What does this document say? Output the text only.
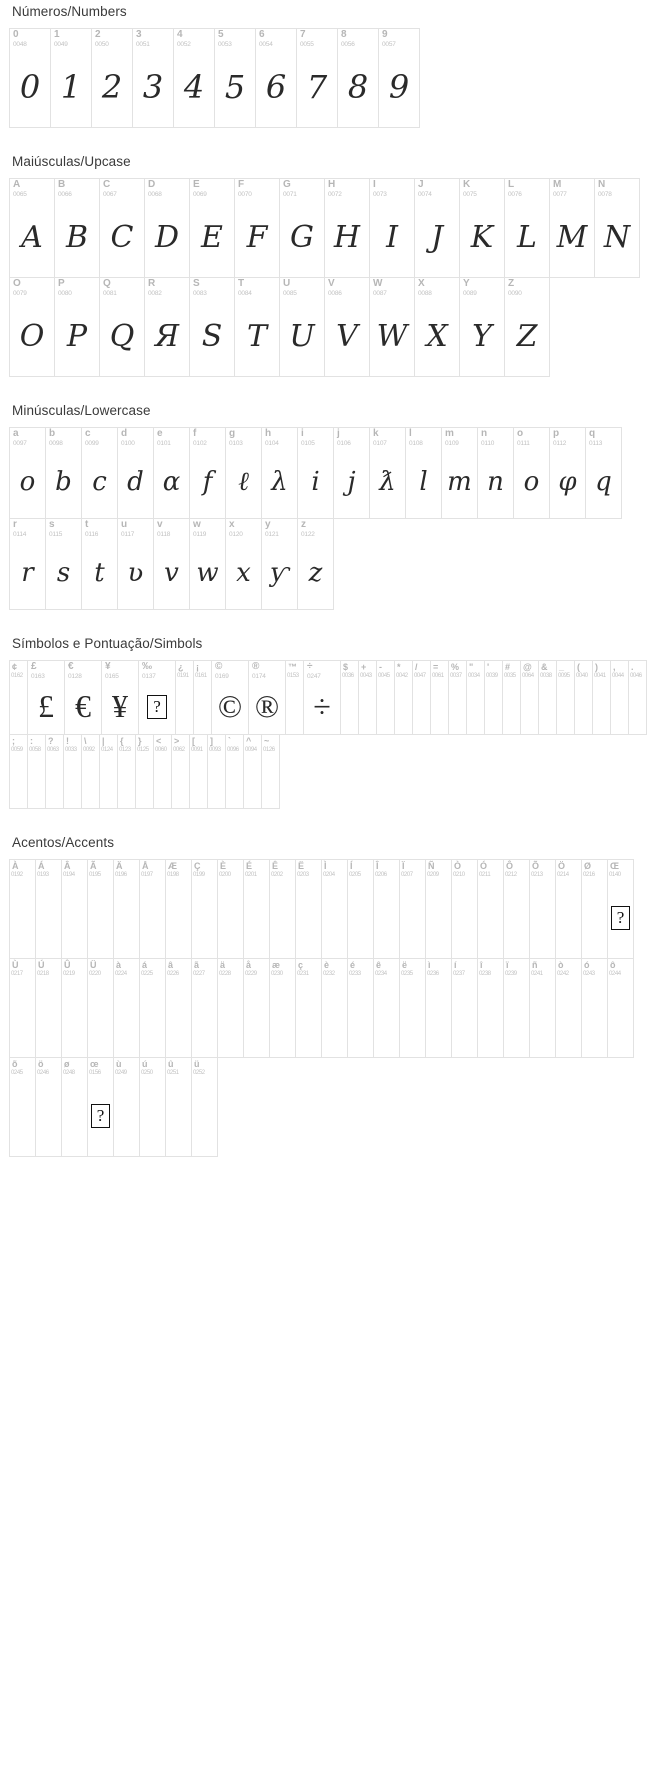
Números/Numbers
0
0048
0
1
0049
1
2
0050
2
3
0051
3
4
0052
4
5
0053
5
6
0054
6
7
0055
7
8
0056
8
9
0057
9
Maiúsculas/Upcase
A
0065
A
B
0066
B
C
0067
C
D
0068
D
E
0069
E
F
0070
F
G
0071
G
H
0072
H
I
0073
I
J
0074
J
K
0075
K
L
0076
L
M
0077
M
N
0078
N
O
0079
O
P
0080
P
Q
0081
Q
R
0082
Я
S
0083
S
T
0084
T
U
0085
U
V
0086
V
W
0087
W
X
0088
X
Y
0089
Y
Z
0090
Z
Minúsculas/Lowercase
a
0097
o
b
0098
b
c
0099
c
d
0100
d
e
0101
α
f
0102
f
g
0103
ℓ
h
0104
λ
i
0105
i
j
0106
j
k
0107
ƛ
l
0108
l
m
0109
m
n
0110
n
o
0111
o
p
0112
φ
q
0113
q
r
0114
r
s
0115
s
t
0116
t
u
0117
ʋ
v
0118
v
w
0119
w
x
0120
x
y
0121
ƴ
z
0122
z
Símbolos e Pontuação/Simbols
¢
0162
£
0163
£
€
0128
€
¥
0165
¥
‰
0137
?
¿
0191
¡
0161
©
0169
©
®
0174
®
™
0153
÷
0247
÷
$
0036
+
0043
-
0045
*
0042
/
0047
=
0061
%
0037
"
0034
'
0039
#
0035
@
0064
&
0038
_
0095
(
0040
)
0041
,
0044
.
0046
;
0059
:
0058
?
0063
!
0033
\
0092
|
0124
{
0123
}
0125
<
0060
>
0062
[
0091
]
0093
`
0096
^
0094
~
0126
Acentos/Accents
À
0192
Á
0193
Â
0194
Ã
0195
Ä
0196
Å
0197
Æ
0198
Ç
0199
È
0200
É
0201
Ê
0202
Ë
0203
Ì
0204
Í
0205
Î
0206
Ï
0207
Ñ
0209
Ò
0210
Ó
0211
Ô
0212
Õ
0213
Ö
0214
Ø
0216
Œ
0140
?
Ù
0217
Ú
0218
Û
0219
Ü
0220
à
0224
á
0225
â
0226
ã
0227
ä
0228
å
0229
æ
0230
ç
0231
è
0232
é
0233
ê
0234
ë
0235
ì
0236
í
0237
î
0238
ï
0239
ñ
0241
ò
0242
ó
0243
ô
0244
õ
0245
ö
0246
ø
0248
œ
0156
?
ù
0249
ú
0250
û
0251
ü
0252
